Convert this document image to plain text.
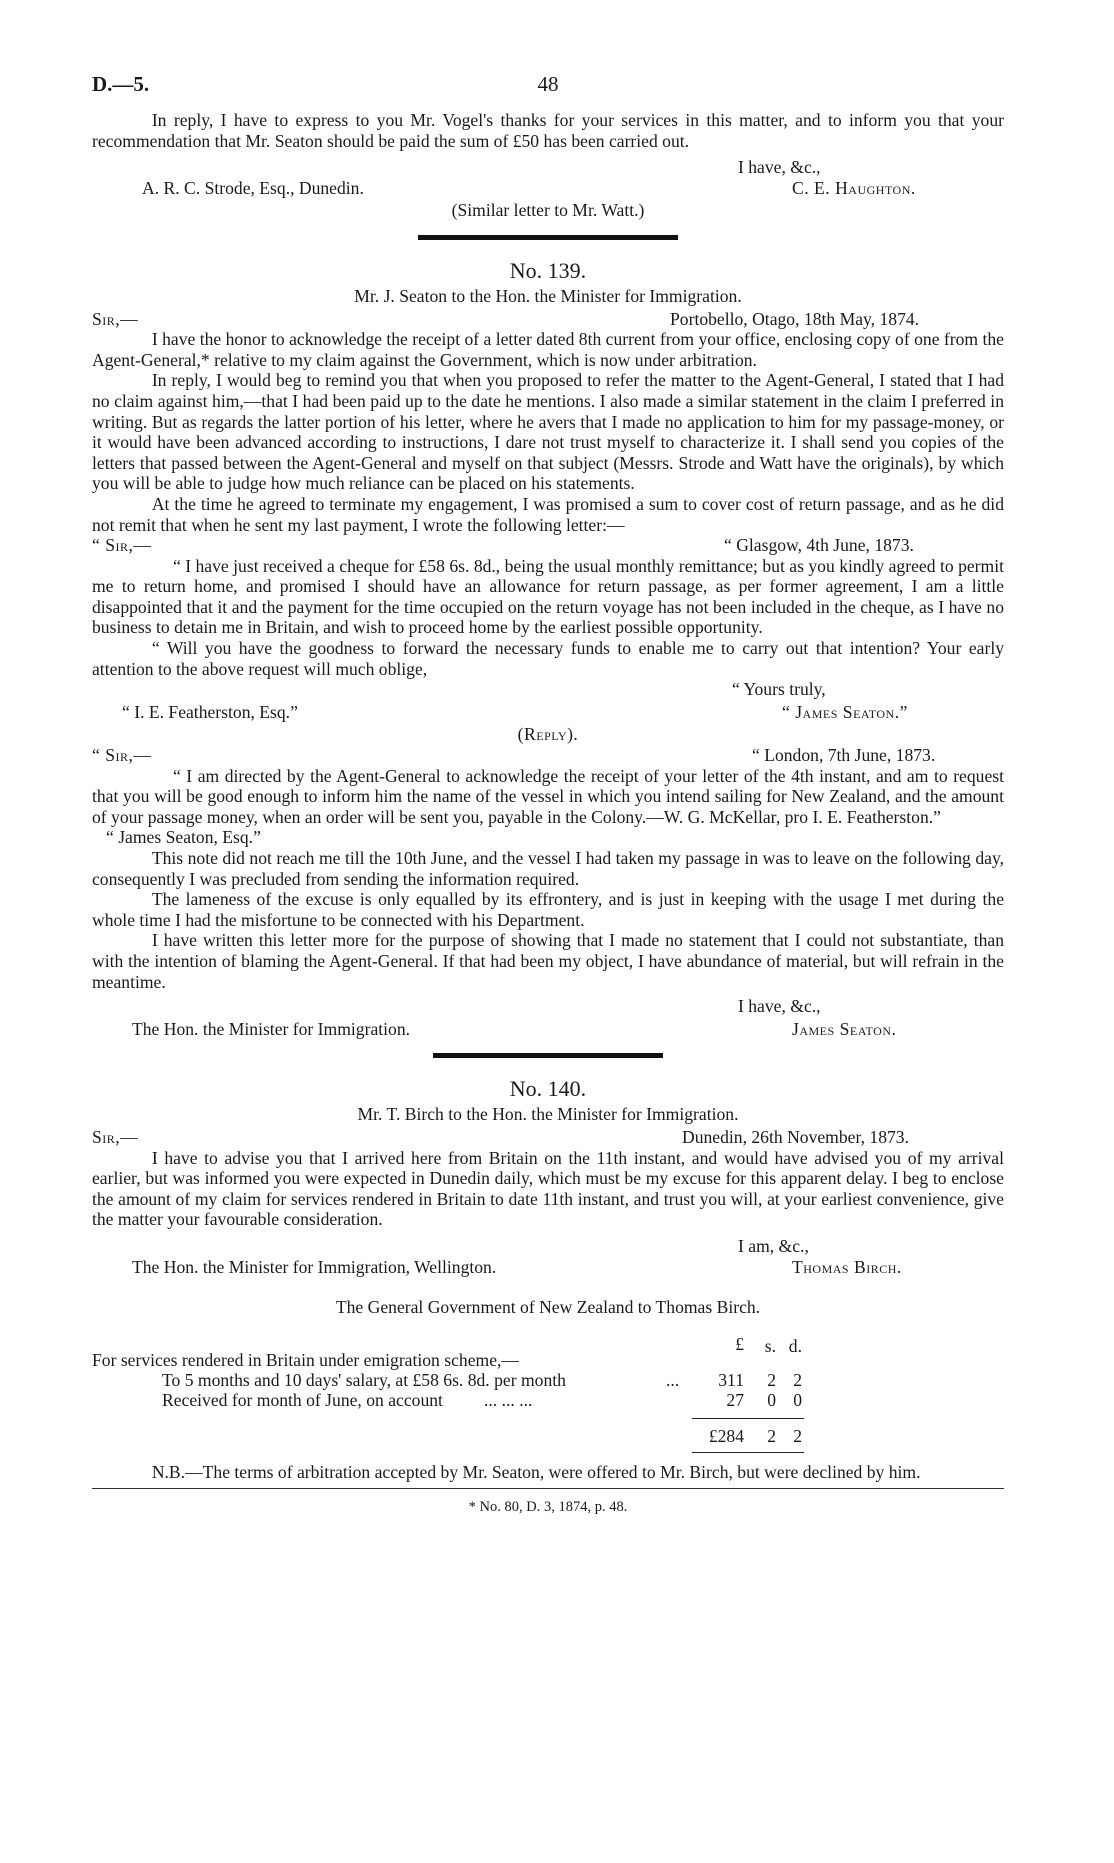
D.—5.	48

In reply, I have to express to you Mr. Vogel's thanks for your services in this matter, and to inform you that your recommendation that Mr. Seaton should be paid the sum of £50 has been carried out.

I have, &c.,
A. R. C. Strode, Esq., Dunedin.	C. E. Haughton.
(Similar letter to Mr. Watt.)
No. 139.
Mr. J. Seaton to the Hon. the Minister for Immigration.
Sir,—	Portobello, Otago, 18th May, 1874.

I have the honor to acknowledge the receipt of a letter dated 8th current from your office, enclosing copy of one from the Agent-General,* relative to my claim against the Government, which is now under arbitration.

In reply, I would beg to remind you that when you proposed to refer the matter to the Agent-General, I stated that I had no claim against him,—that I had been paid up to the date he mentions. I also made a similar statement in the claim I preferred in writing. But as regards the latter portion of his letter, where he avers that I made no application to him for my passage-money, or it would have been advanced according to instructions, I dare not trust myself to characterize it. I shall send you copies of the letters that passed between the Agent-General and myself on that subject (Messrs. Strode and Watt have the originals), by which you will be able to judge how much reliance can be placed on his statements.

At the time he agreed to terminate my engagement, I was promised a sum to cover cost of return passage, and as he did not remit that when he sent my last payment, I wrote the following letter:—

“ Sir,—	“ Glasgow, 4th June, 1873.

“ I have just received a cheque for £58 6s. 8d., being the usual monthly remittance; but as you kindly agreed to permit me to return home, and promised I should have an allowance for return passage, as per former agreement, I am a little disappointed that it and the payment for the time occupied on the return voyage has not been included in the cheque, as I have no business to detain me in Britain, and wish to proceed home by the earliest possible opportunity.

“ Will you have the goodness to forward the necessary funds to enable me to carry out that intention? Your early attention to the above request will much oblige,

“ Yours truly,
“ I. E. Featherston, Esq.”	“ James Seaton.”
(Reply).
“ Sir,—	“ London, 7th June, 1873.

“ I am directed by the Agent-General to acknowledge the receipt of your letter of the 4th instant, and am to request that you will be good enough to inform him the name of the vessel in which you intend sailing for New Zealand, and the amount of your passage money, when an order will be sent you, payable in the Colony.—W. G. McKellar, pro I. E. Featherston.”

“ James Seaton, Esq.”

This note did not reach me till the 10th June, and the vessel I had taken my passage in was to leave on the following day, consequently I was precluded from sending the information required.

The lameness of the excuse is only equalled by its effrontery, and is just in keeping with the usage I met during the whole time I had the misfortune to be connected with his Department.

I have written this letter more for the purpose of showing that I made no statement that I could not substantiate, than with the intention of blaming the Agent-General. If that had been my object, I have abundance of material, but will refrain in the meantime.

I have, &c.,
The Hon. the Minister for Immigration.	James Seaton.
No. 140.
Mr. T. Birch to the Hon. the Minister for Immigration.
Sir,—	Dunedin, 26th November, 1873.

I have to advise you that I arrived here from Britain on the 11th instant, and would have advised you of my arrival earlier, but was informed you were expected in Dunedin daily, which must be my excuse for this apparent delay. I beg to enclose the amount of my claim for services rendered in Britain to date 11th instant, and trust you will, at your earliest convenience, give the matter your favourable consideration.

I am, &c.,
The Hon. the Minister for Immigration, Wellington.	Thomas Birch.
The General Government of New Zealand to Thomas Birch.
£	s. d.
For services rendered in Britain under emigration scheme,—
To 5 months and 10 days' salary, at £58 6s. 8d. per month	...	311	2 2
Received for month of June, on account ... ... ...	27	0 0
£284	2 2

N.B.—The terms of arbitration accepted by Mr. Seaton, were offered to Mr. Birch, but were declined by him.

* No. 80, D. 3, 1874, p. 48.
